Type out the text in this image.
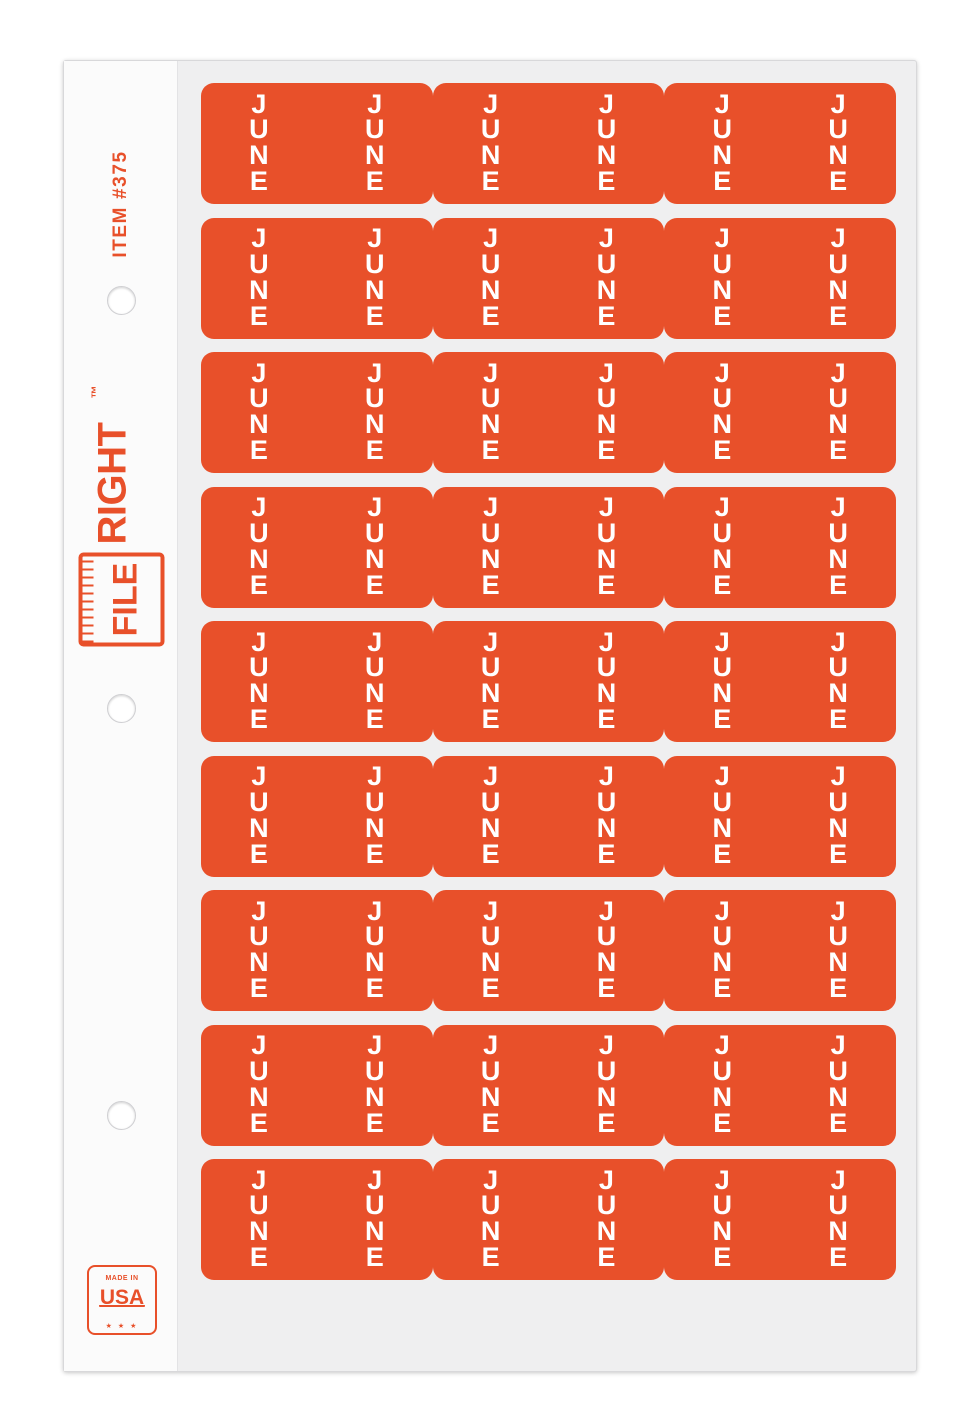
ITEM #375
FILE
RIGHT
™
MADE IN
USA
★ ★ ★
JUNE
JUNE
JUNE
JUNE
JUNE
JUNE
JUNE
JUNE
JUNE
JUNE
JUNE
JUNE
JUNE
JUNE
JUNE
JUNE
JUNE
JUNE
JUNE
JUNE
JUNE
JUNE
JUNE
JUNE
JUNE
JUNE
JUNE
JUNE
JUNE
JUNE
JUNE
JUNE
JUNE
JUNE
JUNE
JUNE
JUNE
JUNE
JUNE
JUNE
JUNE
JUNE
JUNE
JUNE
JUNE
JUNE
JUNE
JUNE
JUNE
JUNE
JUNE
JUNE
JUNE
JUNE
